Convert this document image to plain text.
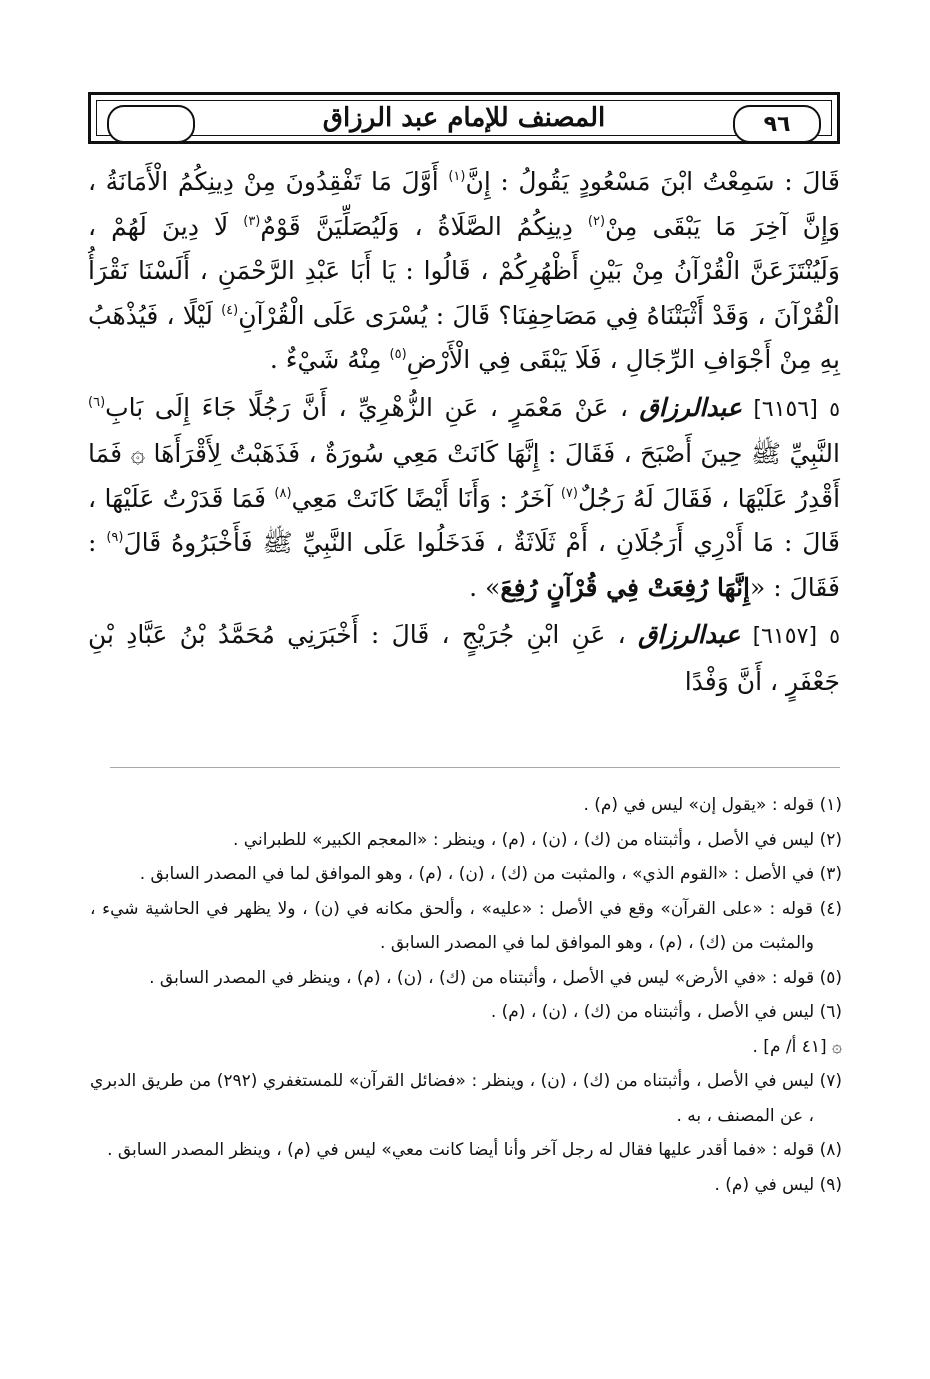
٩٦
المصنف للإمام عبد الرزاق

قَالَ : سَمِعْتُ ابْنَ مَسْعُودٍ يَقُولُ : إِنَّ$^{(١)}$ أَوَّلَ مَا تَفْقِدُونَ مِنْ دِينِكُمُ الْأَمَانَةُ ، وَإِنَّ آخِرَ مَا يَبْقَى مِنْ$^{(٢)}$ دِينِكُمُ الصَّلَاةُ ، وَلَيُصَلِّيَنَّ قَوْمٌ$^{(٣)}$ لَا دِينَ لَهُمْ ، وَلَيُنْتَزَعَنَّ الْقُرْآنُ مِنْ بَيْنِ أَظْهُرِكُمْ ، قَالُوا : يَا أَبَا عَبْدِ الرَّحْمَنِ ، أَلَسْنَا نَقْرَأُ الْقُرْآنَ ، وَقَدْ أَثْبَتْنَاهُ فِي مَصَاحِفِنَا؟ قَالَ : يُسْرَى عَلَى الْقُرْآنِ$^{(٤)}$ لَيْلًا ، فَيُذْهَبُ بِهِ مِنْ أَجْوَافِ الرِّجَالِ ، فَلَا يَبْقَى فِي الْأَرْضِ$^{(٥)}$ مِنْهُ شَيْءٌ .

٥ [٦١٥٦] عبدالرزاق ، عَنْ مَعْمَرٍ ، عَنِ الزُّهْرِيِّ ، أَنَّ رَجُلًا جَاءَ إِلَى بَابِ$^{(٦)}$ النَّبِيِّ ﷺ حِينَ أَصْبَحَ ، فَقَالَ : إِنَّهَا كَانَتْ مَعِي سُورَةٌ ، فَذَهَبْتُ لِأَقْرَأَهَا ۞ فَمَا أَقْدِرُ عَلَيْهَا ، فَقَالَ لَهُ رَجُلٌ$^{(٧)}$ آخَرُ : وَأَنَا أَيْضًا كَانَتْ مَعِي$^{(٨)}$ فَمَا قَدَرْتُ عَلَيْهَا ، قَالَ : مَا أَدْرِي أَرَجُلَانِ ، أَمْ ثَلَاثَةٌ ، فَدَخَلُوا عَلَى النَّبِيِّ ﷺ فَأَخْبَرُوهُ قَالَ$^{(٩)}$ : فَقَالَ : «إِنَّهَا رُفِعَتْ فِي قُرْآنٍ رُفِعَ» .

٥ [٦١٥٧] عبدالرزاق ، عَنِ ابْنِ جُرَيْجٍ ، قَالَ : أَخْبَرَنِي مُحَمَّدُ بْنُ عَبَّادِ بْنِ جَعْفَرٍ ، أَنَّ وَفْدًا

(١) قوله : «يقول إن» ليس في (م) .

(٢) ليس في الأصل ، وأثبتناه من (ك) ، (ن) ، (م) ، وينظر : «المعجم الكبير» للطبراني .

(٣) في الأصل : «القوم الذي» ، والمثبت من (ك) ، (ن) ، (م) ، وهو الموافق لما في المصدر السابق .

(٤) قوله : «على القرآن» وقع في الأصل : «عليه» ، وألحق مكانه في (ن) ، ولا يظهر في الحاشية شيء ، والمثبت من (ك) ، (م) ، وهو الموافق لما في المصدر السابق .

(٥) قوله : «في الأرض» ليس في الأصل ، وأثبتناه من (ك) ، (ن) ، (م) ، وينظر في المصدر السابق .

(٦) ليس في الأصل ، وأثبتناه من (ك) ، (ن) ، (م) .

۞ [٤١ أ/ م] .

(٧) ليس في الأصل ، وأثبتناه من (ك) ، (ن) ، وينظر : «فضائل القرآن» للمستغفري (٢٩٢) من طريق الدبري ، عن المصنف ، به .

(٨) قوله : «فما أقدر عليها فقال له رجل آخر وأنا أيضا كانت معي» ليس في (م) ، وينظر المصدر السابق .

(٩) ليس في (م) .
